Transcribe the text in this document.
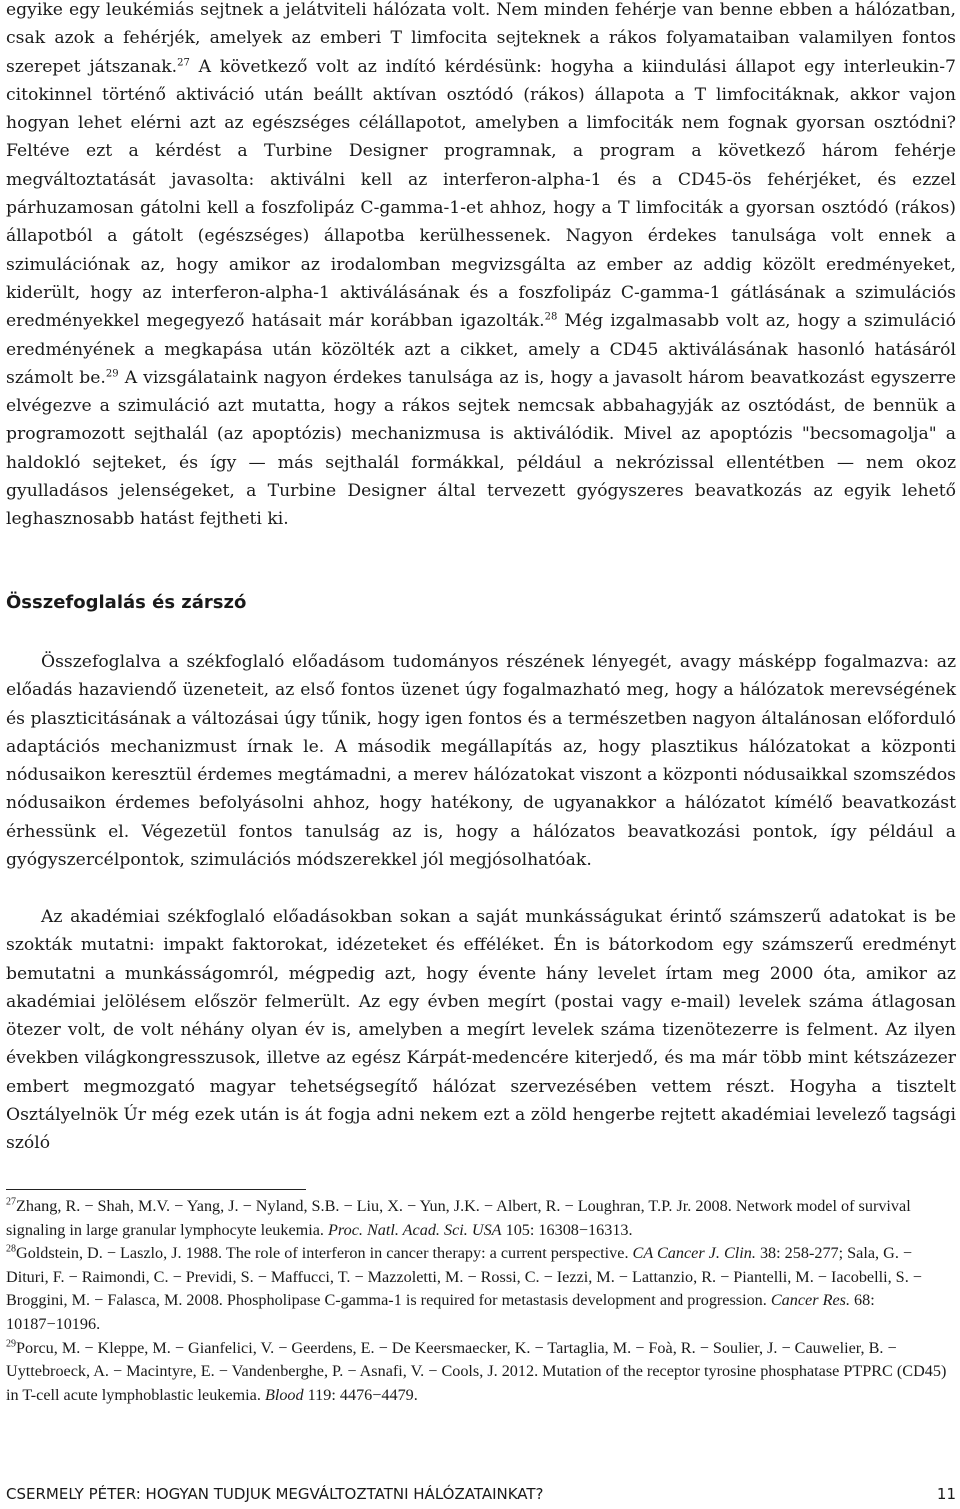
egyike egy leukémiás sejtnek a jelátviteli hálózata volt. Nem minden fehérje van benne ebben a hálózatban, csak azok a fehérjék, amelyek az emberi T limfocita sejteknek a rákos folyamataiban valamilyen fontos szerepet játszanak.$^{27}$ A következő volt az indító kérdésünk: hogyha a kiindulási állapot egy interleukin-7 citokinnel történő aktiváció után beállt aktívan osztódó (rákos) állapota a T limfocitáknak, akkor vajon hogyan lehet elérni azt az egészséges célállapotot, amelyben a limfociták nem fognak gyorsan osztódni? Feltéve ezt a kérdést a Turbine Designer programnak, a program a következő három fehérje megváltoztatását javasolta: aktiválni kell az interferon-alpha-1 és a CD45-ös fehérjéket, és ezzel párhuzamosan gátolni kell a foszfolipáz C-gamma-1-et ahhoz, hogy a T limfociták a gyorsan osztódó (rákos) állapotból a gátolt (egészséges) állapotba kerülhessenek. Nagyon érdekes tanulsága volt ennek a szimulációnak az, hogy amikor az irodalomban megvizsgálta az ember az addig közölt eredményeket, kiderült, hogy az interferon-alpha-1 aktiválásának és a foszfolipáz C-gamma-1 gátlásának a szimulációs eredményekkel megegyező hatásait már korábban igazolták.$^{28}$ Még izgalmasabb volt az, hogy a szimuláció eredményének a megkapása után közölték azt a cikket, amely a CD45 aktiválásának hasonló hatásáról számolt be.$^{29}$ A vizsgálataink nagyon érdekes tanulsága az is, hogy a javasolt három beavatkozást egyszerre elvégezve a szimuláció azt mutatta, hogy a rákos sejtek nemcsak abbahagyják az osztódást, de bennük a programozott sejthalál (az apoptózis) mechanizmusa is aktiválódik. Mivel az apoptózis "becsomagolja" a haldokló sejteket, és így — más sejthalál formákkal, például a nekrózissal ellentétben — nem okoz gyulladásos jelenségeket, a Turbine Designer által tervezett gyógyszeres beavatkozás az egyik lehető leghasznosabb hatást fejtheti ki.

Összefoglalás és zárszó

Összefoglalva a székfoglaló előadásom tudományos részének lényegét, avagy másképp fogalmazva: az előadás hazaviendő üzeneteit, az első fontos üzenet úgy fogalmazható meg, hogy a hálózatok merevségének és plaszticitásának a változásai úgy tűnik, hogy igen fontos és a természetben nagyon általánosan előforduló adaptációs mechanizmust írnak le. A második megállapítás az, hogy plasztikus hálózatokat a központi nódusaikon keresztül érdemes megtámadni, a merev hálózatokat viszont a központi nódusaikkal szomszédos nódusaikon érdemes befolyásolni ahhoz, hogy hatékony, de ugyanakkor a hálózatot kímélő beavatkozást érhessünk el. Végezetül fontos tanulság az is, hogy a hálózatos beavatkozási pontok, így például a gyógyszercélpontok, szimulációs módszerekkel jól megjósolhatóak.

Az akadémiai székfoglaló előadásokban sokan a saját munkásságukat érintő számszerű adatokat is be szokták mutatni: impakt faktorokat, idézeteket és efféléket. Én is bátorkodom egy számszerű eredményt bemutatni a munkásságomról, mégpedig azt, hogy évente hány levelet írtam meg 2000 óta, amikor az akadémiai jelölésem először felmerült. Az egy évben megírt (postai vagy e-mail) levelek száma átlagosan ötezer volt, de volt néhány olyan év is, amelyben a megírt levelek száma tizenötezerre is felment. Az ilyen években világkongresszusok, illetve az egész Kárpát-medencére kiterjedő, és ma már több mint kétszázezer embert megmozgató magyar tehetségsegítő hálózat szervezésében vettem részt. Hogyha a tisztelt Osztályelnök Úr még ezek után is át fogja adni nekem ezt a zöld hengerbe rejtett akadémiai levelező tagsági szóló

$^{27}$Zhang, R. − Shah, M.V. − Yang, J. − Nyland, S.B. − Liu, X. − Yun, J.K. − Albert, R. − Loughran, T.P. Jr. 2008. Network model of survival signaling in large granular lymphocyte leukemia. Proc. Natl. Acad. Sci. USA 105: 16308−16313.

$^{28}$Goldstein, D. − Laszlo, J. 1988. The role of interferon in cancer therapy: a current perspective. CA Cancer J. Clin. 38: 258-277; Sala, G. − Dituri, F. − Raimondi, C. − Previdi, S. − Maffucci, T. − Mazzoletti, M. − Rossi, C. − Iezzi, M. − Lattanzio, R. − Piantelli, M. − Iacobelli, S. − Broggini, M. − Falasca, M. 2008. Phospholipase C-gamma-1 is required for metastasis development and progression. Cancer Res. 68: 10187−10196.

$^{29}$Porcu, M. − Kleppe, M. − Gianfelici, V. − Geerdens, E. − De Keersmaecker, K. − Tartaglia, M. − Foà, R. − Soulier, J. − Cauwelier, B. − Uyttebroeck, A. − Macintyre, E. − Vandenberghe, P. − Asnafi, V. − Cools, J. 2012. Mutation of the receptor tyrosine phosphatase PTPRC (CD45) in T-cell acute lymphoblastic leukemia. Blood 119: 4476−4479.

CSERMELY PÉTER: HOGYAN TUDJUK MEGVÁLTOZTATNI HÁLÓZATAINKAT?	11
